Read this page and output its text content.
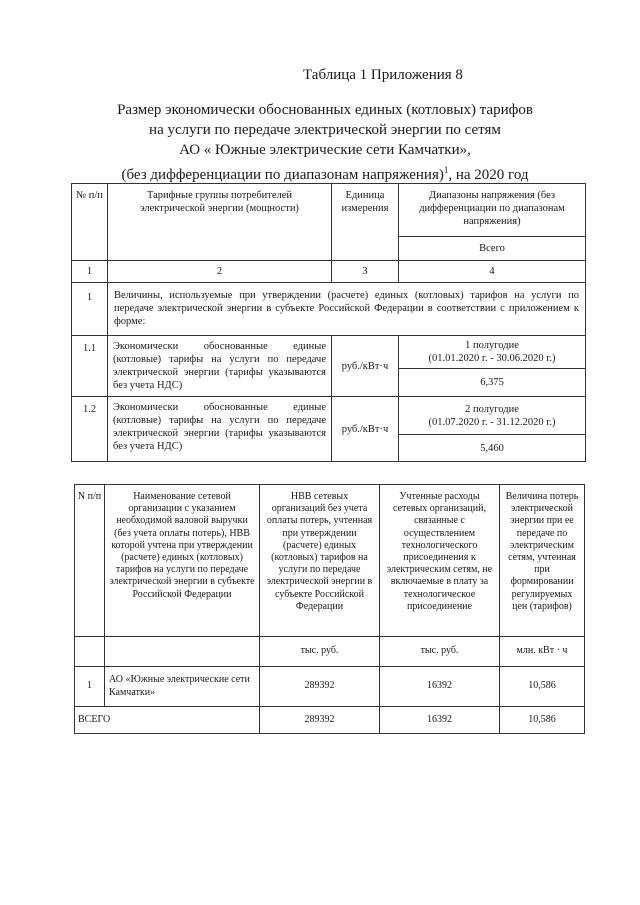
Таблица 1 Приложения 8
Размер экономически обоснованных единых (котловых) тарифов
на услуги по передаче электрической энергии по сетям
АО « Южные электрические сети Камчатки»,
(без дифференциации по диапазонам напряжения)$^1$, на 2020 год
№ п/п	Тарифные группы потребителей электрической энергии (мощности)	Единица измерения	Диапазоны напряжения (без дифференциации по диапазонам напряжения)
			Всего
1	2	3	4
1	Величины, используемые при утверждении (расчете) единых (котловых) тарифов на услуги по передаче электрической энергии в субъекте Российской Федерации в соответствии с приложением к форме:		
1.1	Экономически обоснованные единые (котловые) тарифы на услуги по передаче электрической энергии (тарифы указываются без учета НДС)	руб./кВт·ч	1 полугодие
(01.01.2020 г. - 30.06.2020 г.)

			6,375
1.2	Экономически обоснованные единые (котловые) тарифы на услуги по передаче электрической энергии (тарифы указываются без учета НДС)	руб./кВт·ч	2 полугодие
(01.07.2020 г. - 31.12.2020 г.)

			5,460
N п/п	Наименование сетевой организации с указанием необходимой валовой выручки (без учета оплаты потерь), НВВ которой учтена при утверждении (расчете) единых (котловых) тарифов на услуги по передаче электрической энергии в субъекте Российской Федерации	НВВ сетевых организаций без учета оплаты потерь, учтенная при утверждении (расчете) единых (котловых) тарифов на услуги по передаче электрической энергии в субъекте Российской Федерации	Учтенные расходы сетевых организаций, связанные с осуществлением технологического присоединения к электрическим сетям, не включаемые в плату за технологическое присоединение	Величина потерь электрической энергии при ее передаче по электрическим сетям, учтенная при формировании регулируемых цен (тарифов)
		тыс. руб.	тыс. руб.	млн. кВт · ч
1	АО «Южные электрические сети Камчатки»	289392	16392	10,586
ВСЕГО		289392	16392	10,586
